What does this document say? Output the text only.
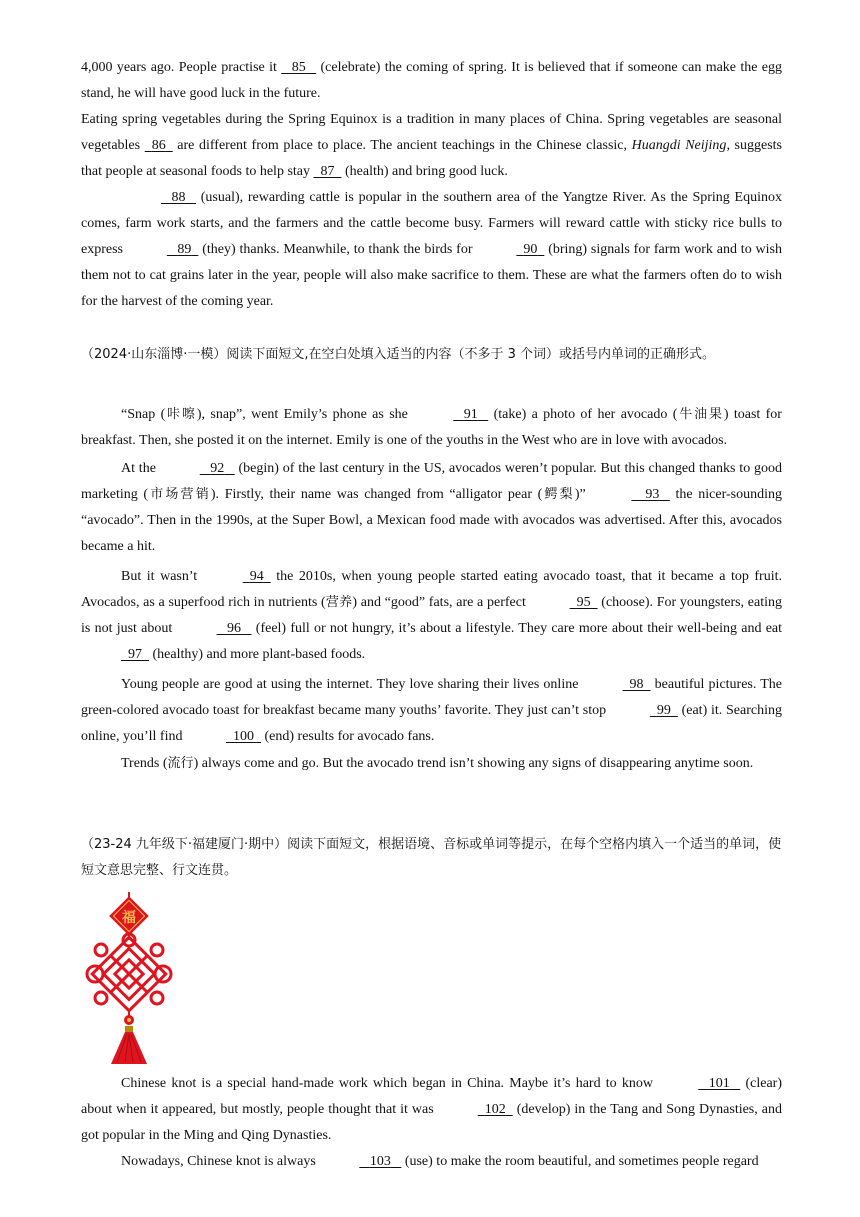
4,000 years ago. People practise it    85    (celebrate) the coming of spring. It is believed that if someone can make the egg stand, he will have good luck in the future.

Eating spring vegetables during the Spring Equinox is a tradition in many places of China. Spring vegetables are seasonal vegetables   86   are different from place to place. The ancient teachings in the Chinese classic, Huangdi Neijing, suggests that people at seasonal foods to help stay   87   (health) and bring good luck.

88    (usual), rewarding cattle is popular in the southern area of the Yangtze River. As the Spring Equinox comes, farm work starts, and the farmers and the cattle become busy. Farmers will reward cattle with sticky rice bulls to express	89   (they) thanks. Meanwhile, to thank the birds for	90   (bring) signals for farm work and to wish them not to cat grains later in the year, people will also make sacrifice to them. These are what the farmers often do to wish for the harvest of the coming year.

（2024·山东淄博·一模）阅读下面短文,在空白处填入适当的内容（不多于 3 个词）或括号内单词的正确形式。

“Snap (咔嚓), snap”, went Emily’s phone as she	91    (take) a photo of her avocado (牛油果) toast for breakfast. Then, she posted it on the internet. Emily is one of the youths in the West who are in love with avocados.

At the	92    (begin) of the last century in the US, avocados weren’t popular. But this changed thanks to good marketing (市场营销). Firstly, their name was changed from “alligator pear (鳄梨)”	93    the nicer-sounding “avocado”. Then in the 1990s, at the Super Bowl, a Mexican food made with avocados was advertised. After this, avocados became a hit.

But it wasn’t	94   the 2010s, when young people started eating avocado toast, that it became a top fruit. Avocados, as a superfood rich in nutrients (营养) and “good” fats, are a perfect	95   (choose). For youngsters, eating is not just about	96    (feel) full or not hungry, it’s about a lifestyle. They care more about their well-being and eat   97   (healthy) and more plant-based foods.

Young people are good at using the internet. They love sharing their lives online	98   beautiful pictures. The green-colored avocado toast for breakfast became many youths’ favorite. They just can’t stop	99   (eat) it. Searching online, you’ll find	100   (end) results for avocado fans.

Trends (流行) always come and go. But the avocado trend isn’t showing any signs of disappearing anytime soon.

（23-24 九年级下·福建厦门·期中）阅读下面短文，根据语境、音标或单词等提示，在每个空格内填入一个适当的单词，使短文意思完整、行文连贯。

福

Chinese knot is a special hand-made work which began in China. Maybe it’s hard to know	101    (clear) about when it appeared, but mostly, people thought that it was	102   (develop) in the Tang and Song Dynasties, and got popular in the Ming and Qing Dynasties.

Nowadays, Chinese knot is always	103    (use) to make the room beautiful, and sometimes people regard
